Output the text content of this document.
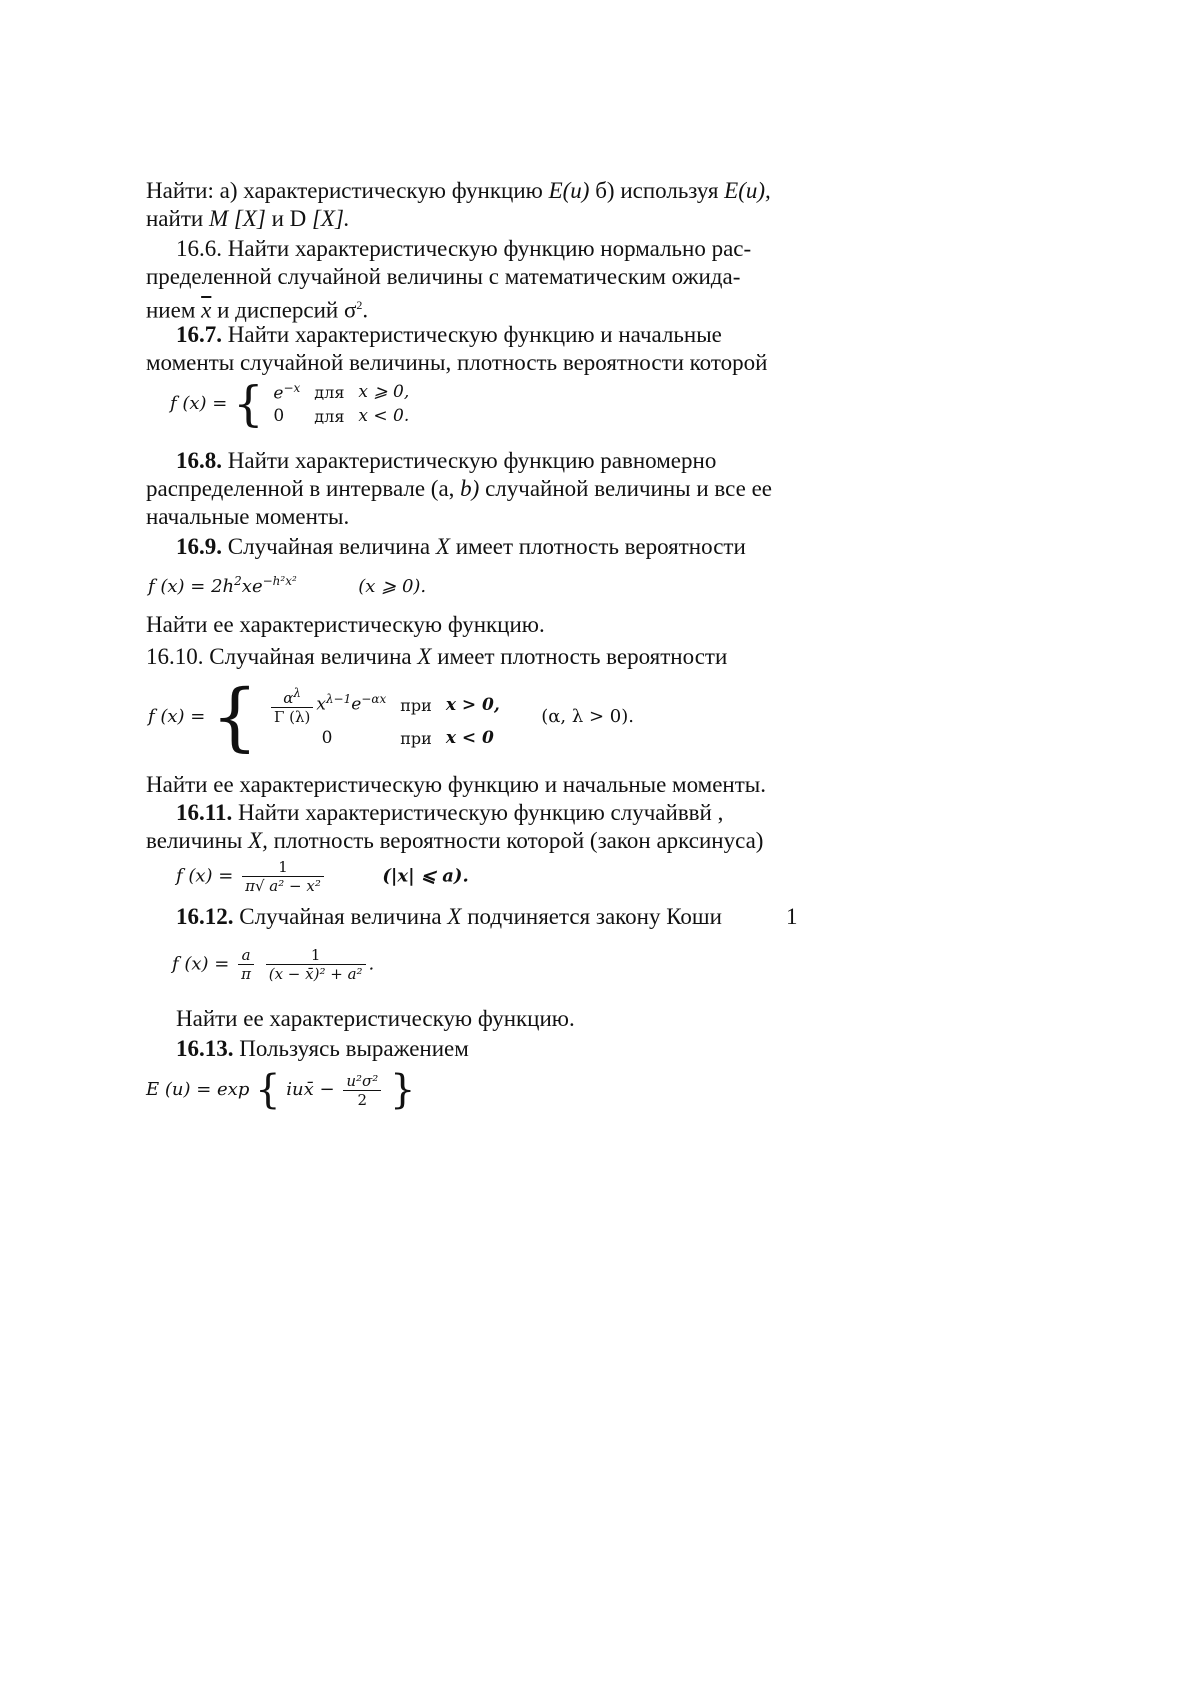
Найти: а) характеристическую функцию E(u) б) используя E(u),
найти M [X] и D [X].
16.6. Найти характеристическую функцию нормально рас-
пределенной случайной величины с математическим ожида-
нием $\overline{x}$ и дисперсий $\sigma^2$.
16.7. Найти характеристическую функцию и начальные
моменты случайной величины, плотность вероятности которой
f (x) = { $e^{-x}$	для	x ⩾ 0,
0	для	x < 0.
16.8. Найти характеристическую функцию равномерно
распределенной в интервале (a, b) случайной величины и все ее
начальные моменты.
16.9. Случайная величина X имеет плотность вероятности
f $(x) = 2h^2xe^{-h^2x^2}$	(x ⩾ 0).
Найти ее характеристическую функцию.
16.10. Случайная величина X имеет плотность вероятности
f (x) = { $\frac{\alpha^\lambda}{\Gamma (\lambda)} x^{\lambda-1}e^{-\alpha x}$	при	x > 0,
0	при	x < 0  (α, λ > 0).
Найти ее характеристическую функцию и начальные моменты.
16.11. Найти характеристическую функцию случайввй ,
величины X, плотность вероятности которой (закон арксинуса)
f $(x) = \frac{1}{\text{π√ a² − x²}}$	(|x| ⩽ a).
16.12. Случайная величина X подчиняется закону Коши	1
f $(x) = \frac{a}{\pi}$
$\frac{1}{\text{(x − x̄)² + a²}}$ .
Найти ее характеристическую функцию.
16.13. Пользуясь выражением
E (u) = exp { iux̄ − $\frac{\text{u²σ²}}{2}$ }
